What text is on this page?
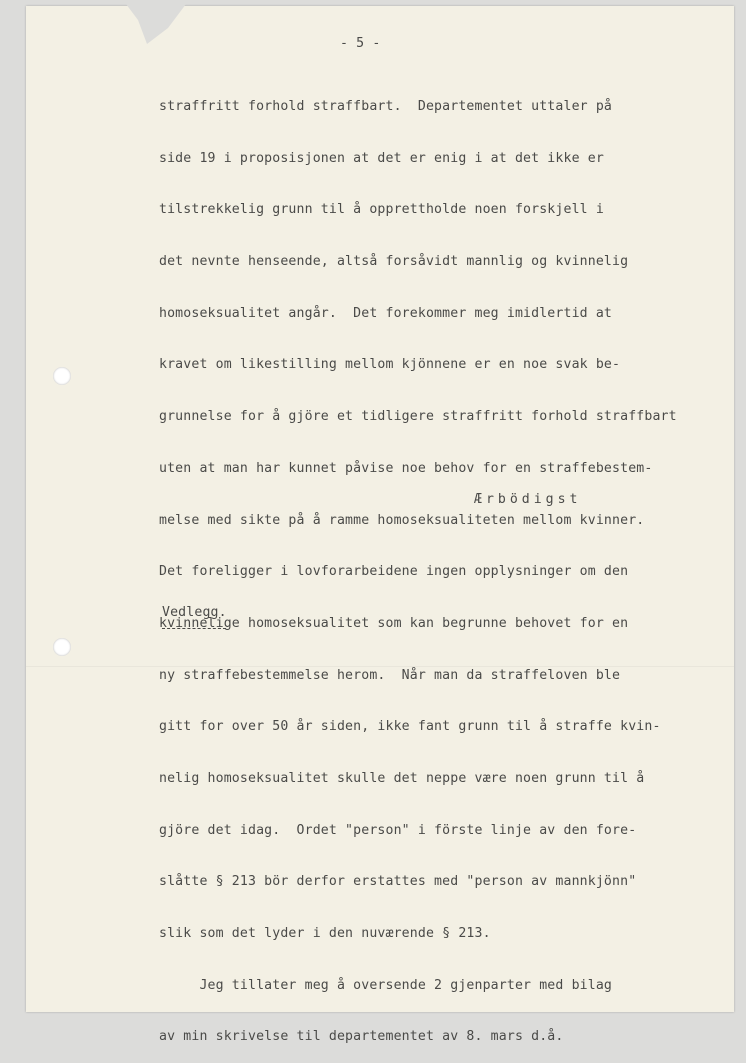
- 5 -

straffritt forhold straffbart.  Departementet uttaler på

side 19 i proposisjonen at det er enig i at det ikke er

tilstrekkelig grunn til å opprettholde noen forskjell i

det nevnte henseende, altså forsåvidt mannlig og kvinnelig

homoseksualitet angår.  Det forekommer meg imidlertid at

kravet om likestilling mellom kjönnene er en noe svak be-

grunnelse for å gjöre et tidligere straffritt forhold straffbart

uten at man har kunnet påvise noe behov for en straffebestem-

melse med sikte på å ramme homoseksualiteten mellom kvinner.

Det foreligger i lovforarbeidene ingen opplysninger om den

kvinnelige homoseksualitet som kan begrunne behovet for en

ny straffebestemmelse herom.  Når man da straffeloven ble

gitt for over 50 år siden, ikke fant grunn til å straffe kvin-

nelig homoseksualitet skulle det neppe være noen grunn til å

gjöre det idag.  Ordet "person" i förste linje av den fore-

slåtte § 213 bör derfor erstattes med "person av mannkjönn"

slik som det lyder i den nuværende § 213.

Jeg tillater meg å oversende 2 gjenparter med bilag

av min skrivelse til departementet av 8. mars d.å.

Ærbödigst
Vedlegg.
